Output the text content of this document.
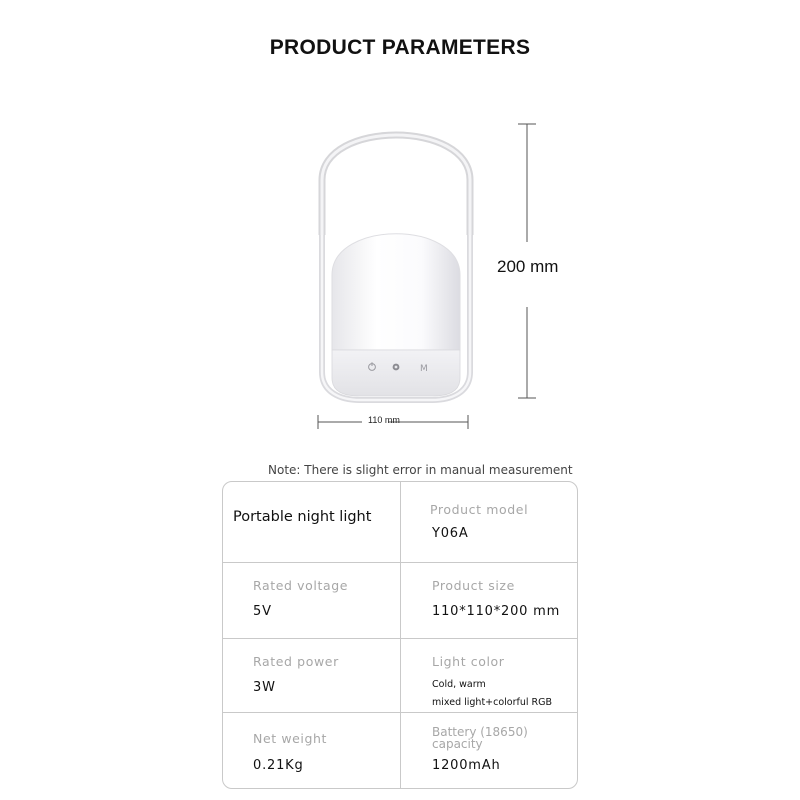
PRODUCT PARAMETERS
M
200 mm
110 mm
Note: There is slight error in manual measurement
Portable night light	Product model
Y06A
Rated voltage
5V
Product size
110*110*200 mm
Rated power
3W
Light color
Cold, warm
mixed light+colorful RGB
Net weight
0.21Kg
Battery (18650)
capacity
1200mAh
